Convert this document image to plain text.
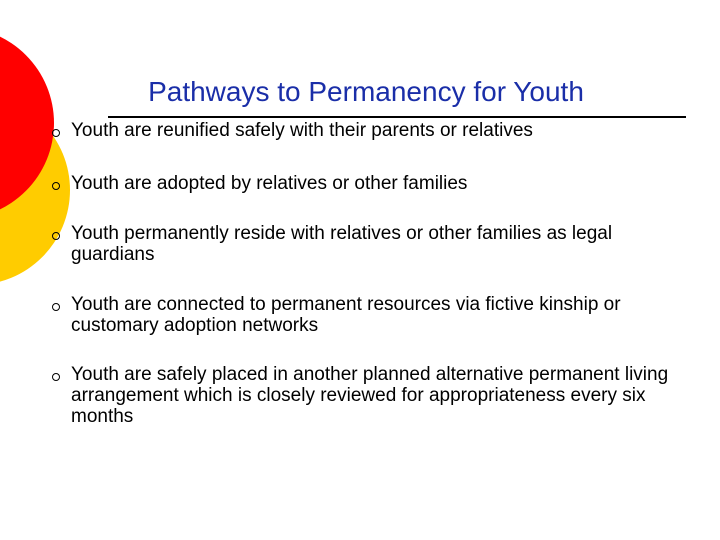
Pathways to Permanency for Youth
Youth are reunified safely with their parents or relatives
Youth are adopted by relatives or other families
Youth permanently reside with relatives or other families as legal guardians
Youth are connected to permanent resources via fictive kinship or customary adoption networks
Youth are safely placed in another planned alternative permanent living arrangement which is closely reviewed for appropriateness every six months
